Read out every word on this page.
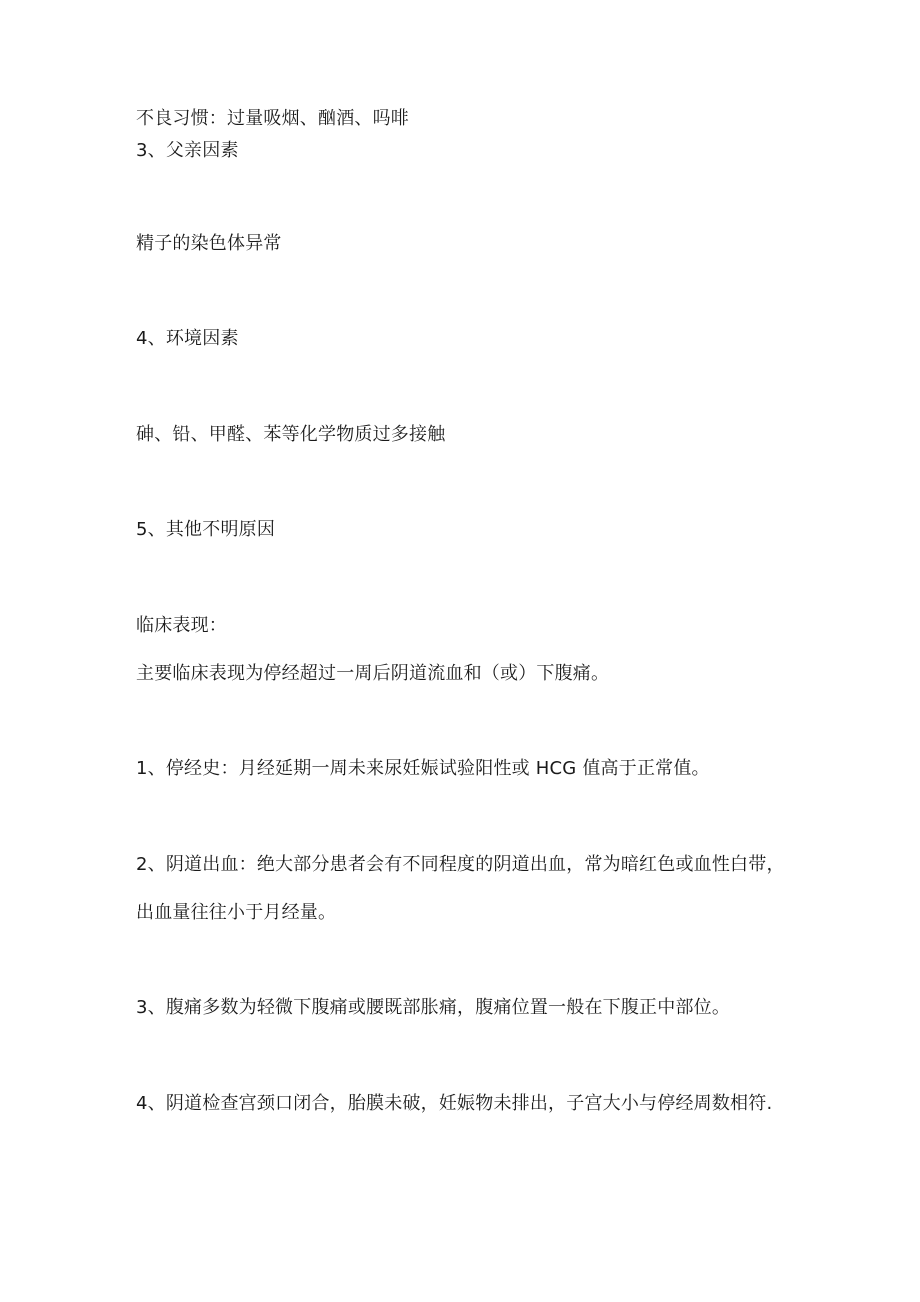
不良习惯：过量吸烟、酗酒、吗啡
3、父亲因素
精子的染色体异常
4、环境因素
砷、铅、甲醛、苯等化学物质过多接触
5、其他不明原因
临床表现：
主要临床表现为停经超过一周后阴道流血和（或）下腹痛。
1、停经史：月经延期一周未来尿妊娠试验阳性或 HCG 值高于正常值。
2、阴道出血：绝大部分患者会有不同程度的阴道出血，常为暗红色或血性白带，
出血量往往小于月经量。
3、腹痛多数为轻微下腹痛或腰既部胀痛，腹痛位置一般在下腹正中部位。
4、阴道检查宫颈口闭合，胎膜未破，妊娠物未排出，子宫大小与停经周数相符.
